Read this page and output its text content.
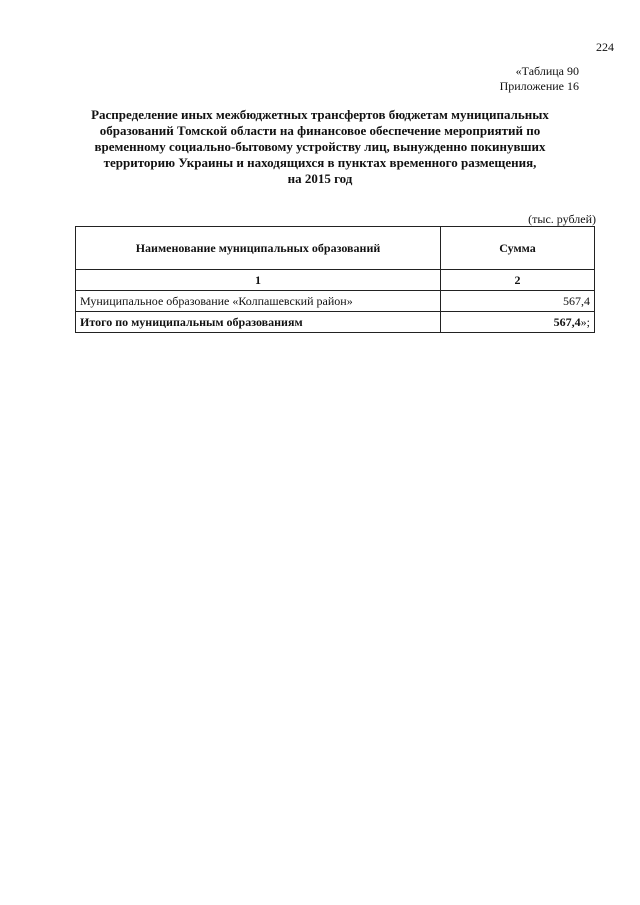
224
«Таблица 90
Приложение 16
Распределение иных межбюджетных трансфертов бюджетам муниципальных
образований Томской области на финансовое обеспечение мероприятий по
временному социально-бытовому устройству лиц, вынужденно покинувших
территорию Украины и находящихся в пунктах временного размещения,
на 2015 год
(тыс. рублей)
Наименование муниципальных образований	Сумма
1	2
Муниципальное образование «Колпашевский район»	567,4
Итого по муниципальным образованиям	567,4»;
